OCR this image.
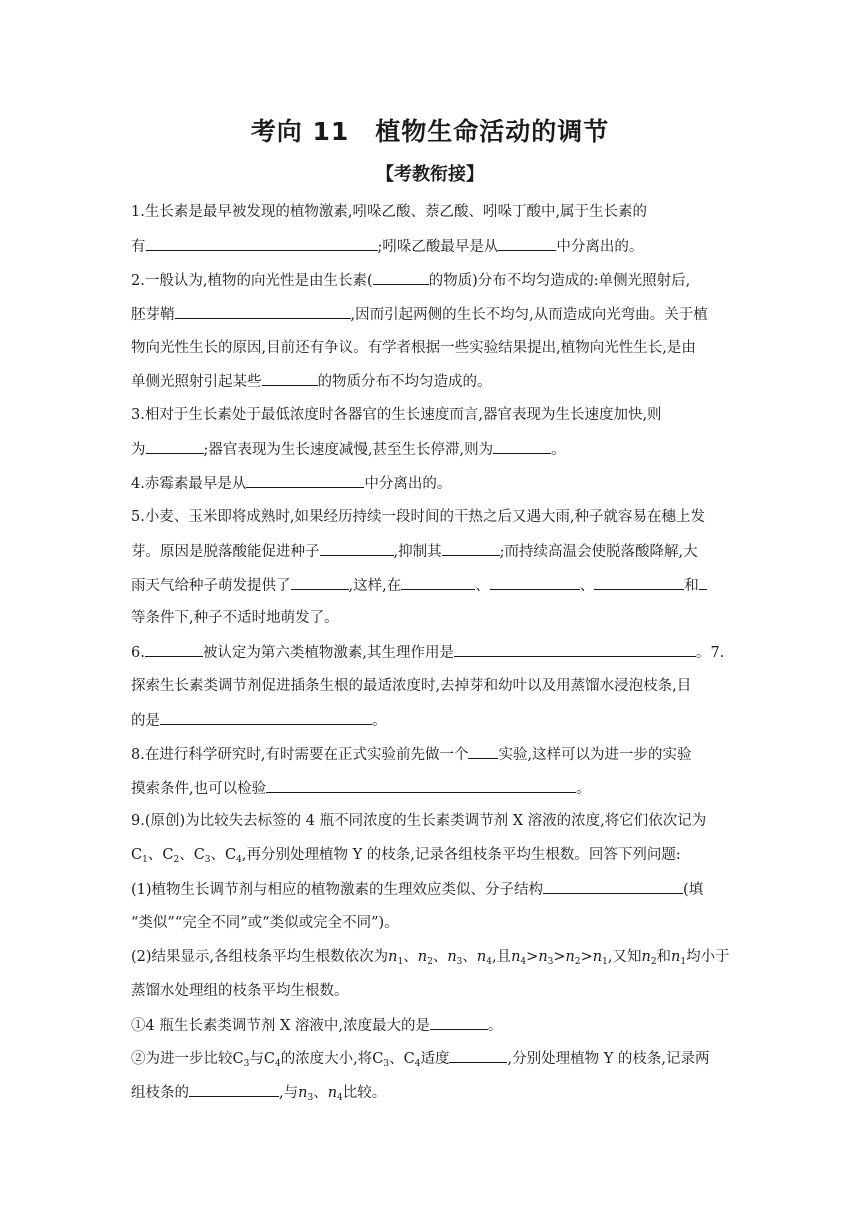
考向 11　植物生命活动的调节
【考教衔接】
1.生长素是最早被发现的植物激素,吲哚乙酸、萘乙酸、吲哚丁酸中,属于生长素的
有	;吲哚乙酸最早是从	中分离出的。
2.一般认为,植物的向光性是由生长素(	的物质)分布不均匀造成的:单侧光照射后,
胚芽鞘	,因而引起两侧的生长不均匀,从而造成向光弯曲。关于植
物向光性生长的原因,目前还有争议。有学者根据一些实验结果提出,植物向光性生长,是由
单侧光照射引起某些	的物质分布不均匀造成的。
3.相对于生长素处于最低浓度时各器官的生长速度而言,器官表现为生长速度加快,则
为	;器官表现为生长速度减慢,甚至生长停滞,则为	。
4.赤霉素最早是从	中分离出的。
5.小麦、玉米即将成熟时,如果经历持续一段时间的干热之后又遇大雨,种子就容易在穗上发
芽。原因是脱落酸能促进种子	,抑制其	;而持续高温会使脱落酸降解,大
雨天气给种子萌发提供了	,这样,在	、	、	和
等条件下,种子不适时地萌发了。
6.	被认定为第六类植物激素,其生理作用是	。7.
探索生长素类调节剂促进插条生根的最适浓度时,去掉芽和幼叶以及用蒸馏水浸泡枝条,目
的是	。
8.在进行科学研究时,有时需要在正式实验前先做一个 实验,这样可以为进一步的实验
摸索条件,也可以检验	。
9.(原创)为比较失去标签的 4 瓶不同浓度的生长素类调节剂 X 溶液的浓度,将它们依次记为
$C_1$、$C_2$、$C_3$、$C_4$,再分别处理植物 Y 的枝条,记录各组枝条平均生根数。回答下列问题:
(1)植物生长调节剂与相应的植物激素的生理效应类似、分子结构	(填
“类似”“完全不同”或“类似或完全不同”)。
(2)结果显示,各组枝条平均生根数依次为$n_1$、$n_2$、$n_3$、$n_4$,且$n_4>n_3>n_2>n_1$,又知$n_2$和$n_1$均小于
蒸馏水处理组的枝条平均生根数。
①4 瓶生长素类调节剂 X 溶液中,浓度最大的是	。
②为进一步比较$C_3$与$C_4$的浓度大小,将$C_3$、$C_4$适度	,分别处理植物 Y 的枝条,记录两
组枝条的	,与$n_3$、$n_4$比较。
